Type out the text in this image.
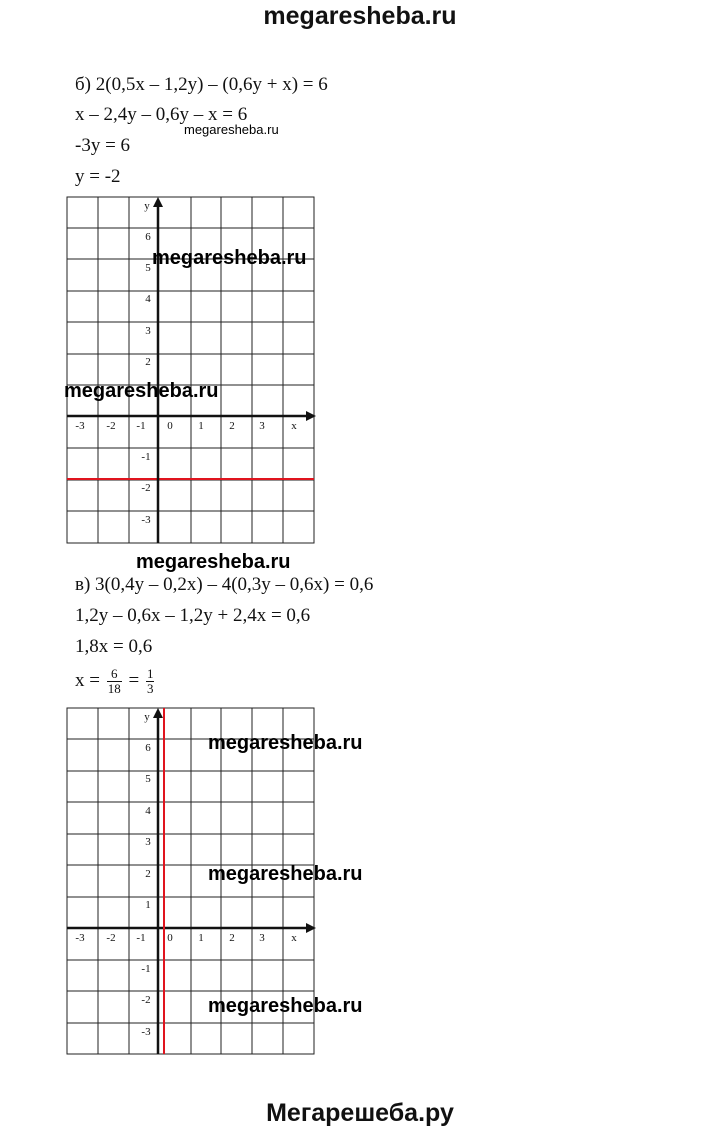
megaresheba.ru
б) 2(0,5x – 1,2y) – (0,6y + x) = 6
x – 2,4y – 0,6y – x = 6
-3y = 6
y = -2
megaresheba.ru
-3 -2 -1 0 1 2 3 x
y
6
5
4
3
2
-1
-2
-3
megaresheba.ru
megaresheba.ru
megaresheba.ru
в) 3(0,4y – 0,2x) – 4(0,3y – 0,6x) = 0,6
1,2y – 0,6x – 1,2y + 2,4x = 0,6
1,8x = 0,6
$x = \frac{6}{18} = \frac{1}{3}$
-3 -2 -1 0 1 2 3 x
y
6
5
4
3
2
1
-1
-2
-3
megaresheba.ru
megaresheba.ru
megaresheba.ru
Мегарешеба.ру
